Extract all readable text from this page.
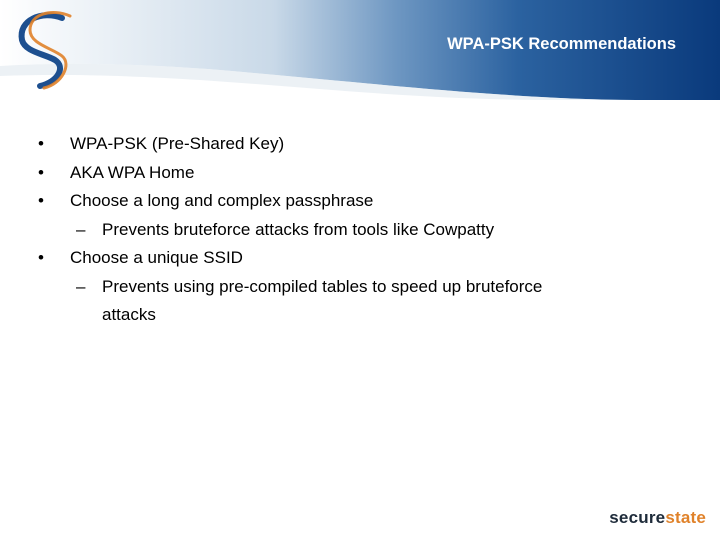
WPA-PSK Recommendations
• WPA-PSK (Pre-Shared Key)
• AKA WPA Home
• Choose a long and complex passphrase
– Prevents bruteforce attacks from tools like Cowpatty
• Choose a unique SSID
– Prevents using pre-compiled tables to speed up bruteforce attacks
securestate
